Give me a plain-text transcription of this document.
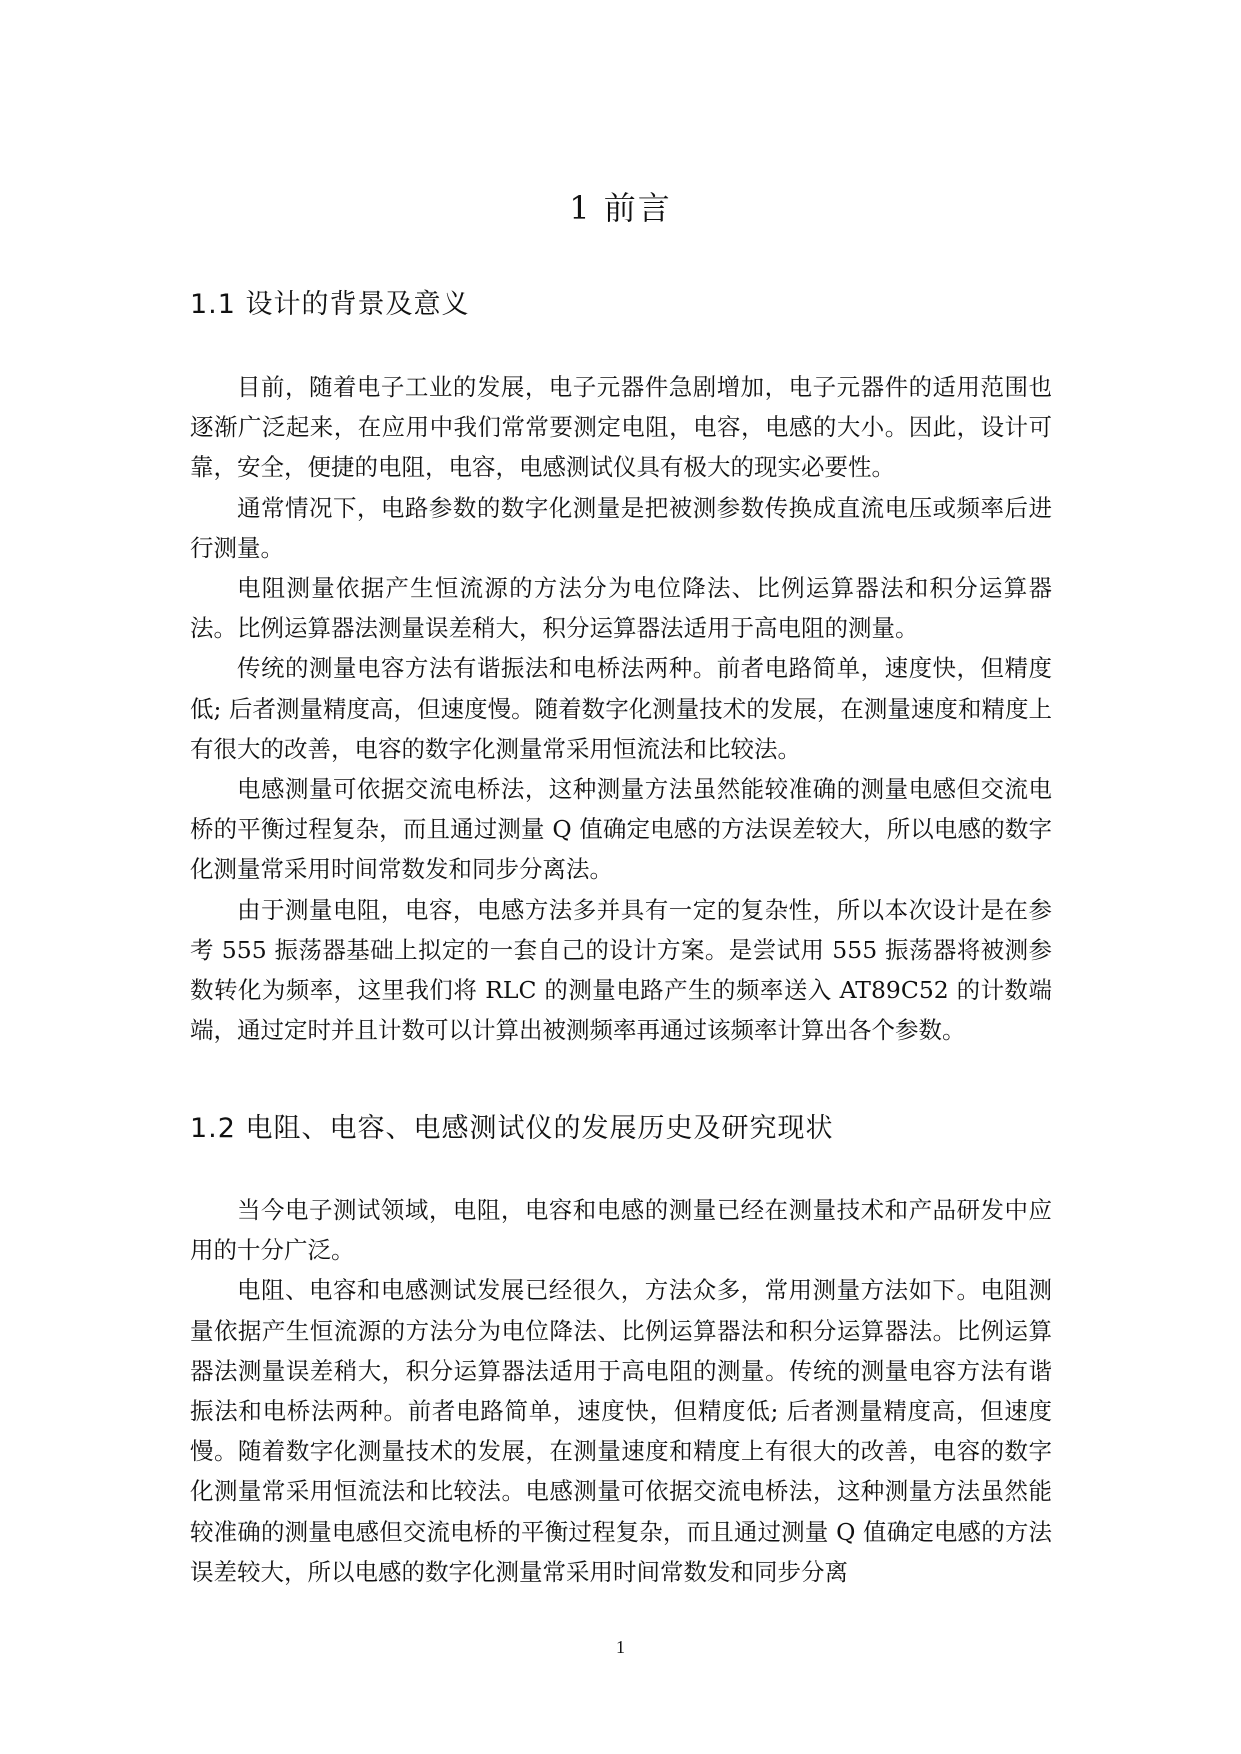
1 前言
1.1 设计的背景及意义

目前，随着电子工业的发展，电子元器件急剧增加，电子元器件的适用范围也逐渐广泛起来，在应用中我们常常要测定电阻，电容，电感的大小。因此，设计可靠，安全，便捷的电阻，电容，电感测试仪具有极大的现实必要性。

通常情况下，电路参数的数字化测量是把被测参数传换成直流电压或频率后进行测量。

电阻测量依据产生恒流源的方法分为电位降法、比例运算器法和积分运算器法。比例运算器法测量误差稍大，积分运算器法适用于高电阻的测量。

传统的测量电容方法有谐振法和电桥法两种。前者电路简单，速度快，但精度低; 后者测量精度高，但速度慢。随着数字化测量技术的发展，在测量速度和精度上有很大的改善，电容的数字化测量常采用恒流法和比较法。

电感测量可依据交流电桥法，这种测量方法虽然能较准确的测量电感但交流电桥的平衡过程复杂，而且通过测量 Q 值确定电感的方法误差较大，所以电感的数字化测量常采用时间常数发和同步分离法。

由于测量电阻，电容，电感方法多并具有一定的复杂性，所以本次设计是在参考 555 振荡器基础上拟定的一套自己的设计方案。是尝试用 555 振荡器将被测参数转化为频率，这里我们将 RLC 的测量电路产生的频率送入 AT89C52 的计数端端，通过定时并且计数可以计算出被测频率再通过该频率计算出各个参数。

1.2 电阻、电容、电感测试仪的发展历史及研究现状

当今电子测试领域，电阻，电容和电感的测量已经在测量技术和产品研发中应用的十分广泛。

电阻、电容和电感测试发展已经很久，方法众多，常用测量方法如下。电阻测量依据产生恒流源的方法分为电位降法、比例运算器法和积分运算器法。比例运算器法测量误差稍大，积分运算器法适用于高电阻的测量。传统的测量电容方法有谐振法和电桥法两种。前者电路简单，速度快，但精度低; 后者测量精度高，但速度慢。随着数字化测量技术的发展，在测量速度和精度上有很大的改善，电容的数字化测量常采用恒流法和比较法。电感测量可依据交流电桥法，这种测量方法虽然能较准确的测量电感但交流电桥的平衡过程复杂，而且通过测量 Q 值确定电感的方法误差较大，所以电感的数字化测量常采用时间常数发和同步分离

1
